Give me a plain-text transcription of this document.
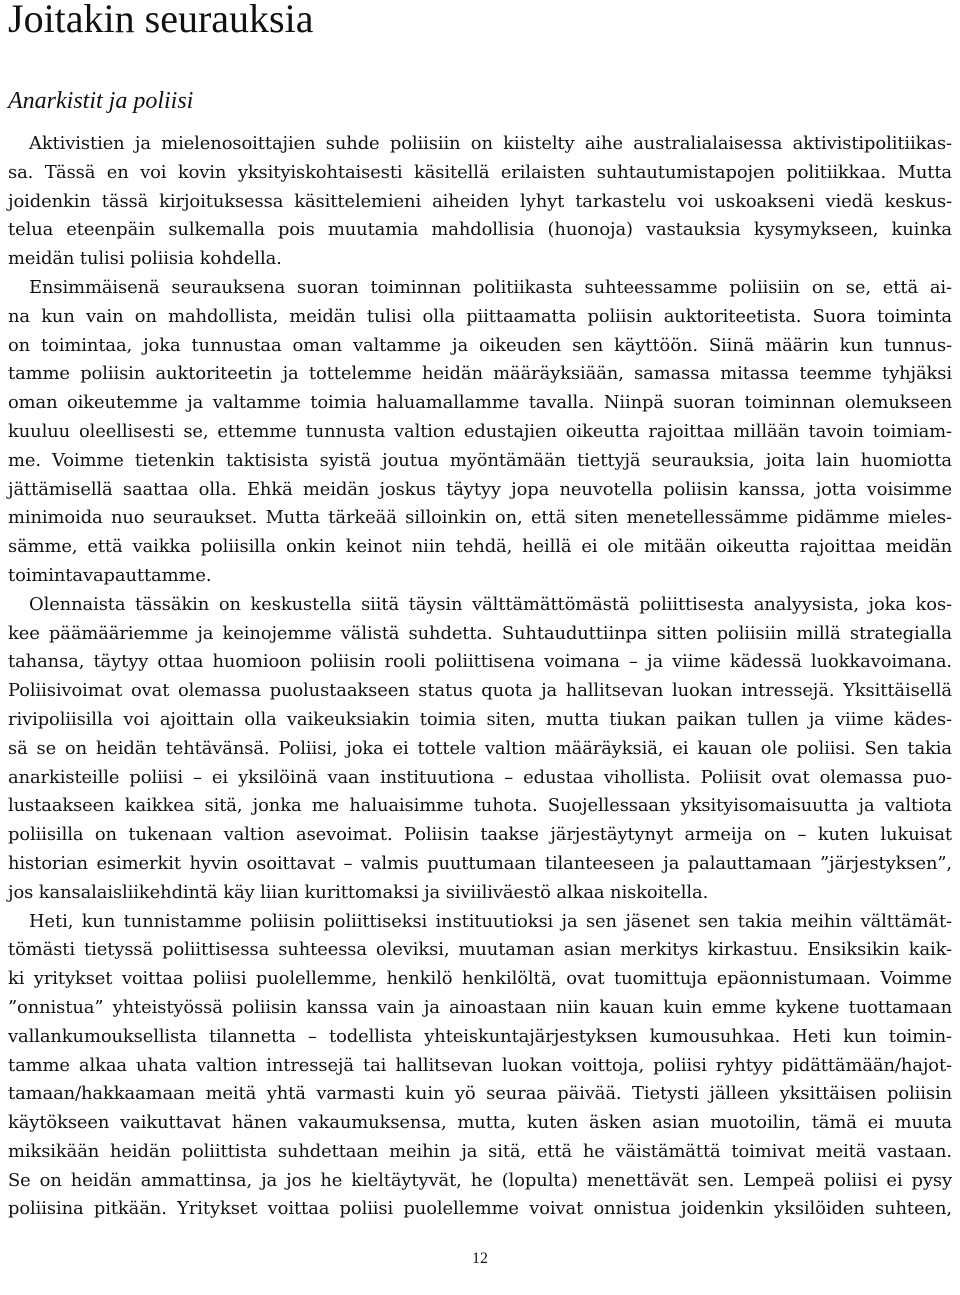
Joitakin seurauksia
Anarkistit ja poliisi
Aktivistien ja mielenosoittajien suhde poliisiin on kiistelty aihe australialaisessa aktivistipolitiikas-
sa. Tässä en voi kovin yksityiskohtaisesti käsitellä erilaisten suhtautumistapojen politiikkaa. Mutta
joidenkin tässä kirjoituksessa käsittelemieni aiheiden lyhyt tarkastelu voi uskoakseni viedä keskus-
telua eteenpäin sulkemalla pois muutamia mahdollisia (huonoja) vastauksia kysymykseen, kuinka
meidän tulisi poliisia kohdella.
Ensimmäisenä seurauksena suoran toiminnan politiikasta suhteessamme poliisiin on se, että ai-
na kun vain on mahdollista, meidän tulisi olla piittaamatta poliisin auktoriteetista. Suora toiminta
on toimintaa, joka tunnustaa oman valtamme ja oikeuden sen käyttöön. Siinä määrin kun tunnus-
tamme poliisin auktoriteetin ja tottelemme heidän määräyksiään, samassa mitassa teemme tyhjäksi
oman oikeutemme ja valtamme toimia haluamallamme tavalla. Niinpä suoran toiminnan olemukseen
kuuluu oleellisesti se, ettemme tunnusta valtion edustajien oikeutta rajoittaa millään tavoin toimiam-
me. Voimme tietenkin taktisista syistä joutua myöntämään tiettyjä seurauksia, joita lain huomiotta
jättämisellä saattaa olla. Ehkä meidän joskus täytyy jopa neuvotella poliisin kanssa, jotta voisimme
minimoida nuo seuraukset. Mutta tärkeää silloinkin on, että siten menetellessämme pidämme mieles-
sämme, että vaikka poliisilla onkin keinot niin tehdä, heillä ei ole mitään oikeutta rajoittaa meidän
toimintavapauttamme.
Olennaista tässäkin on keskustella siitä täysin välttämättömästä poliittisesta analyysista, joka kos-
kee päämääriemme ja keinojemme välistä suhdetta. Suhtauduttiinpa sitten poliisiin millä strategialla
tahansa, täytyy ottaa huomioon poliisin rooli poliittisena voimana – ja viime kädessä luokkavoimana.
Poliisivoimat ovat olemassa puolustaakseen status quota ja hallitsevan luokan intressejä. Yksittäisellä
rivipoliisilla voi ajoittain olla vaikeuksiakin toimia siten, mutta tiukan paikan tullen ja viime kädes-
sä se on heidän tehtävänsä. Poliisi, joka ei tottele valtion määräyksiä, ei kauan ole poliisi. Sen takia
anarkisteille poliisi – ei yksilöinä vaan instituutiona – edustaa vihollista. Poliisit ovat olemassa puo-
lustaakseen kaikkea sitä, jonka me haluaisimme tuhota. Suojellessaan yksityisomaisuutta ja valtiota
poliisilla on tukenaan valtion asevoimat. Poliisin taakse järjestäytynyt armeija on – kuten lukuisat
historian esimerkit hyvin osoittavat – valmis puuttumaan tilanteeseen ja palauttamaan ”järjestyksen”,
jos kansalaisliikehdintä käy liian kurittomaksi ja siviiliväestö alkaa niskoitella.
Heti, kun tunnistamme poliisin poliittiseksi instituutioksi ja sen jäsenet sen takia meihin välttämät-
tömästi tietyssä poliittisessa suhteessa oleviksi, muutaman asian merkitys kirkastuu. Ensiksikin kaik-
ki yritykset voittaa poliisi puolellemme, henkilö henkilöltä, ovat tuomittuja epäonnistumaan. Voimme
”onnistua” yhteistyössä poliisin kanssa vain ja ainoastaan niin kauan kuin emme kykene tuottamaan
vallankumouksellista tilannetta – todellista yhteiskuntajärjestyksen kumousuhkaa. Heti kun toimin-
tamme alkaa uhata valtion intressejä tai hallitsevan luokan voittoja, poliisi ryhtyy pidättämään/hajot-
tamaan/hakkaamaan meitä yhtä varmasti kuin yö seuraa päivää. Tietysti jälleen yksittäisen poliisin
käytökseen vaikuttavat hänen vakaumuksensa, mutta, kuten äsken asian muotoilin, tämä ei muuta
miksikään heidän poliittista suhdettaan meihin ja sitä, että he väistämättä toimivat meitä vastaan.
Se on heidän ammattinsa, ja jos he kieltäytyvät, he (lopulta) menettävät sen. Lempeä poliisi ei pysy
poliisina pitkään. Yritykset voittaa poliisi puolellemme voivat onnistua joidenkin yksilöiden suhteen,
12
